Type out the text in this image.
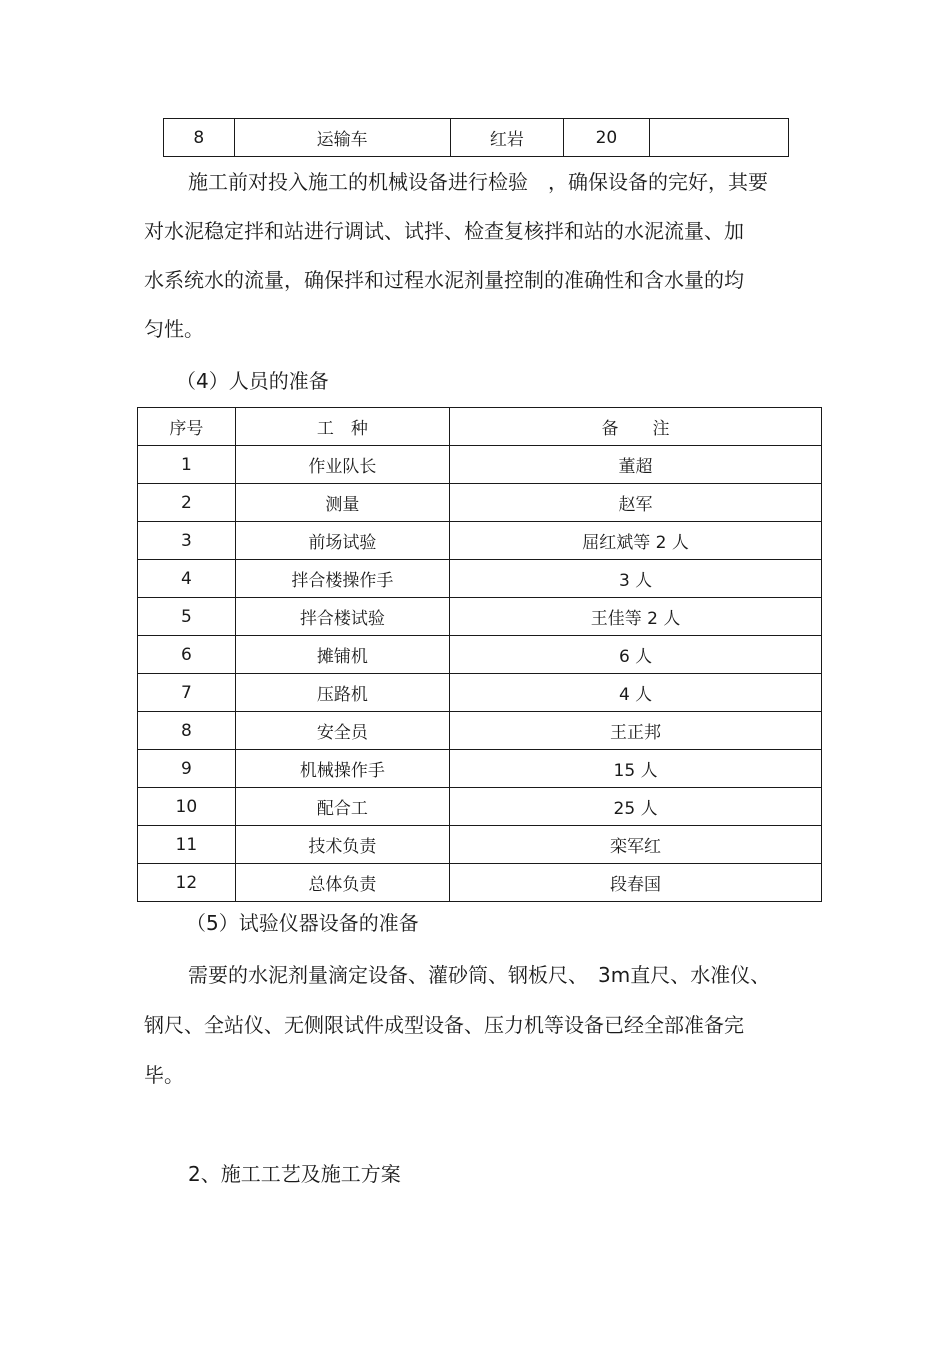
8	运输车	红岩	20	

施工前对投入施工的机械设备进行检验　，确保设备的完好，其要

对水泥稳定拌和站进行调试、试拌、检查复核拌和站的水泥流量、加

水系统水的流量，确保拌和过程水泥剂量控制的准确性和含水量的均

匀性。

（4）人员的准备

序号	工　种	备　　注
1	作业队长	董超
2	测量	赵军
3	前场试验	屈红斌等 2 人
4	拌合楼操作手	3 人
5	拌合楼试验	王佳等 2 人
6	摊铺机	6 人
7	压路机	4 人
8	安全员	王正邦
9	机械操作手	15 人
10	配合工	25 人
11	技术负责	栾军红
12	总体负责	段春国

（5）试验仪器设备的准备

需要的水泥剂量滴定设备、灌砂筒、钢板尺、　3m直尺、水准仪、

钢尺、全站仪、无侧限试件成型设备、压力机等设备已经全部准备完

毕。

2、施工工艺及施工方案
